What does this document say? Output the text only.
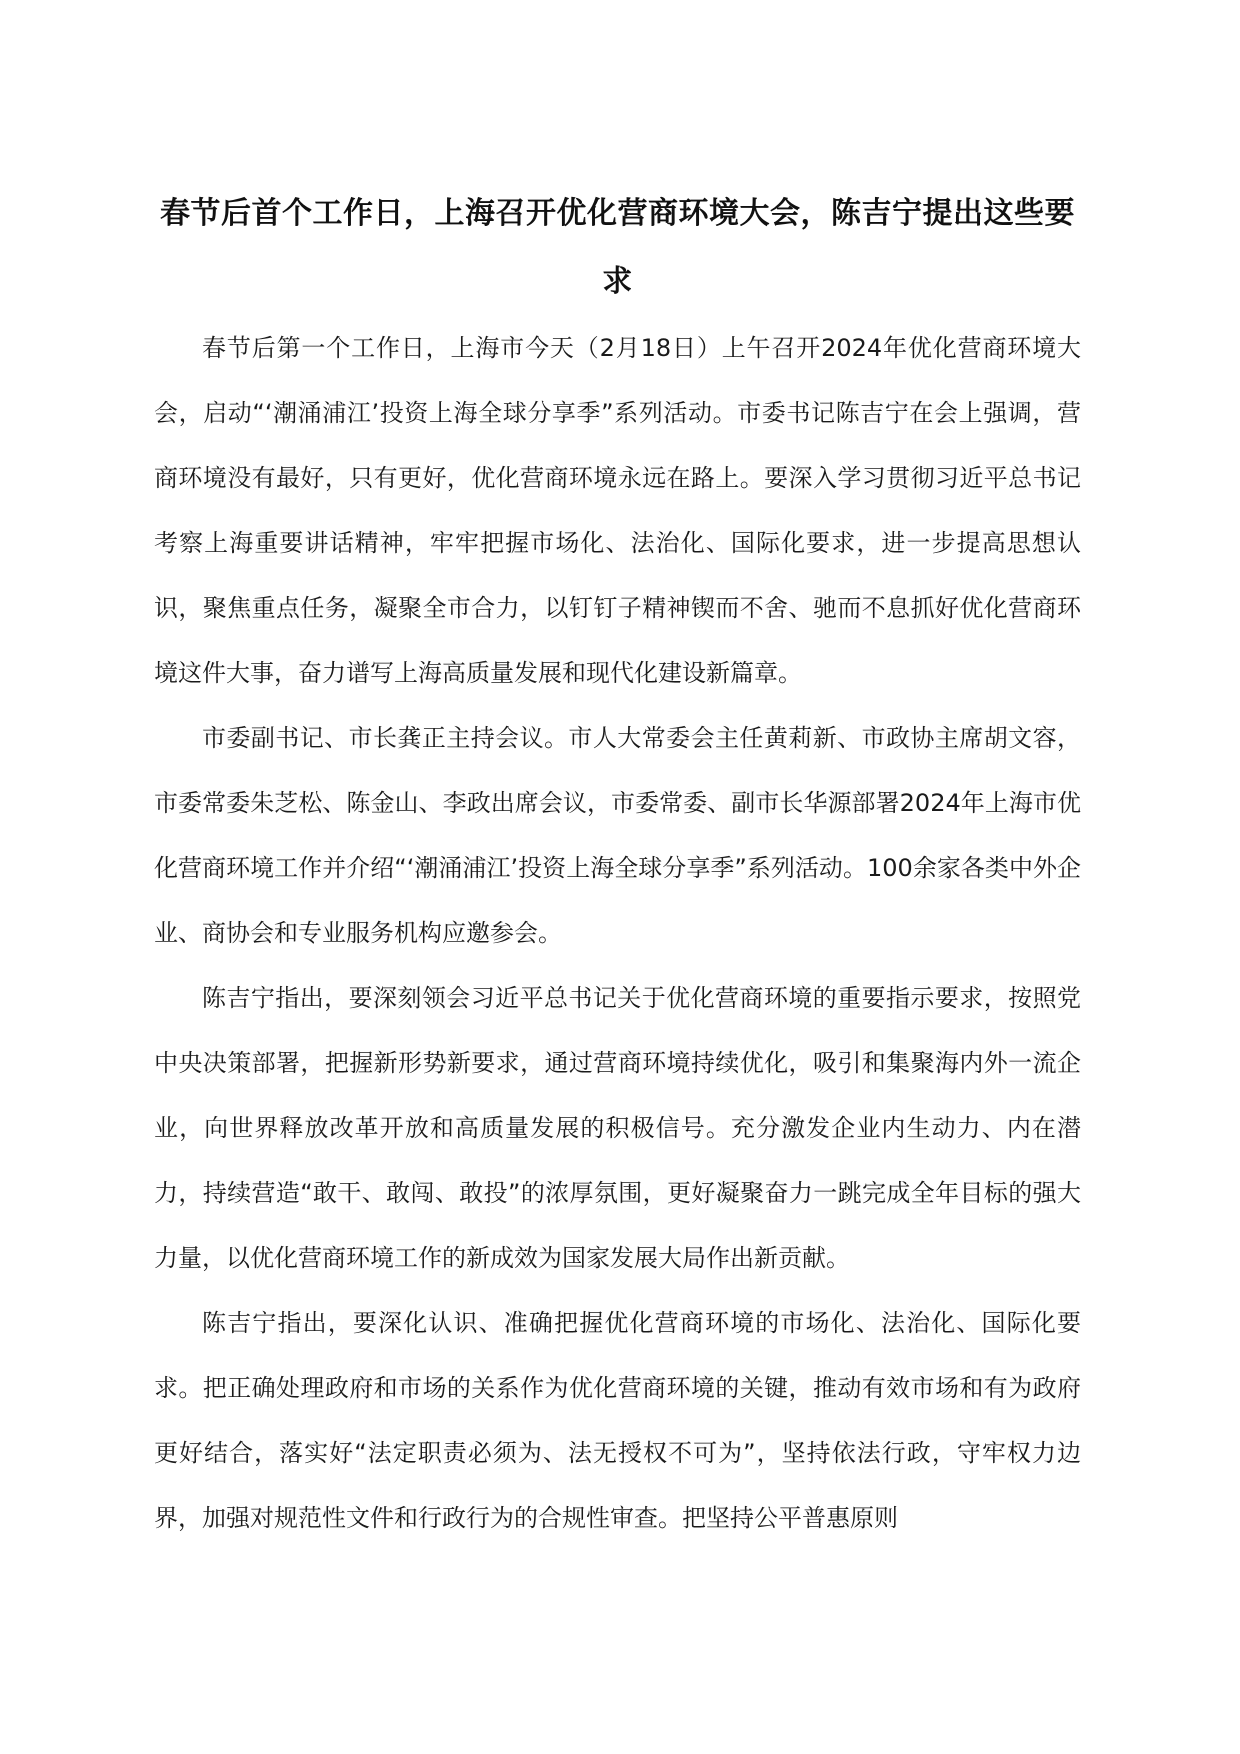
春节后首个工作日，上海召开优化营商环境大会，陈吉宁提出这些要求

春节后第一个工作日，上海市今天（2月18日）上午召开2024年优化营商环境大会，启动“‘潮涌浦江’投资上海全球分享季”系列活动。市委书记陈吉宁在会上强调，营商环境没有最好，只有更好，优化营商环境永远在路上。要深入学习贯彻习近平总书记考察上海重要讲话精神，牢牢把握市场化、法治化、国际化要求，进一步提高思想认识，聚焦重点任务，凝聚全市合力，以钉钉子精神锲而不舍、驰而不息抓好优化营商环境这件大事，奋力谱写上海高质量发展和现代化建设新篇章。

市委副书记、市长龚正主持会议。市人大常委会主任黄莉新、市政协主席胡文容，市委常委朱芝松、陈金山、李政出席会议，市委常委、副市长华源部署2024年上海市优化营商环境工作并介绍“‘潮涌浦江’投资上海全球分享季”系列活动。100余家各类中外企业、商协会和专业服务机构应邀参会。

陈吉宁指出，要深刻领会习近平总书记关于优化营商环境的重要指示要求，按照党中央决策部署，把握新形势新要求，通过营商环境持续优化，吸引和集聚海内外一流企业，向世界释放改革开放和高质量发展的积极信号。充分激发企业内生动力、内在潜力，持续营造“敢干、敢闯、敢投”的浓厚氛围，更好凝聚奋力一跳完成全年目标的强大力量，以优化营商环境工作的新成效为国家发展大局作出新贡献。

陈吉宁指出，要深化认识、准确把握优化营商环境的市场化、法治化、国际化要求。把正确处理政府和市场的关系作为优化营商环境的关键，推动有效市场和有为政府更好结合，落实好“法定职责必须为、法无授权不可为”，坚持依法行政，守牢权力边界，加强对规范性文件和行政行为的合规性审查。把坚持公平普惠原则
